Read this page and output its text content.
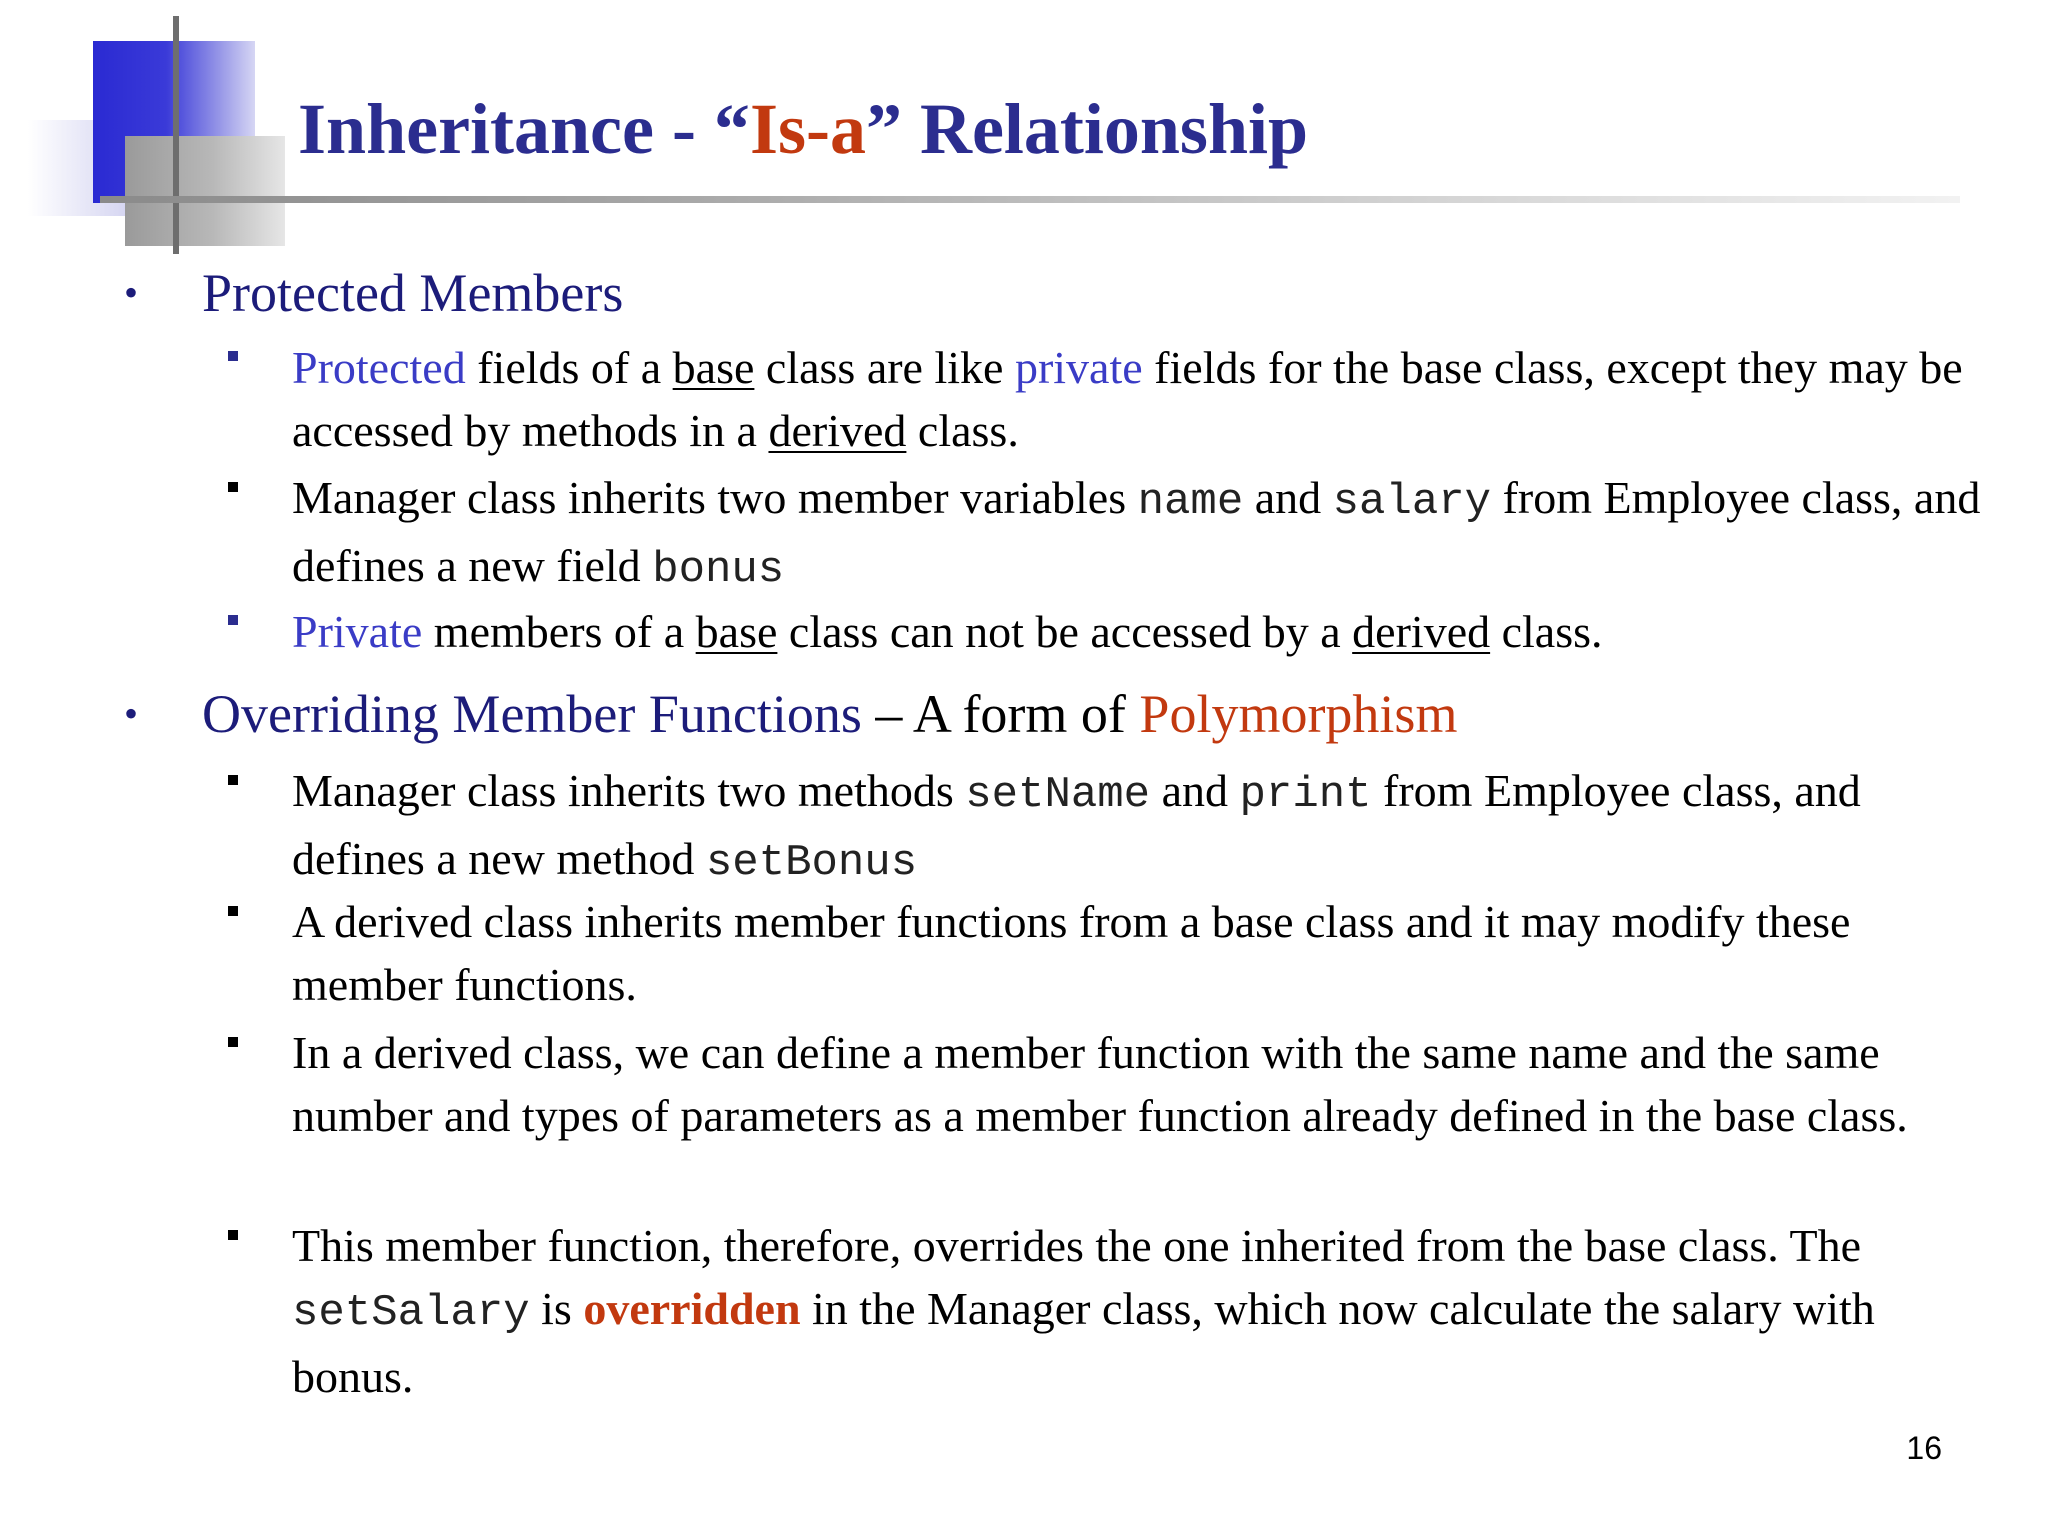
Inheritance - “Is-a” Relationship
• Protected Members

Protected fields of a base class are like private fields for the base class, except they may be accessed by methods in a derived class.

Manager class inherits two member variables name and salary from Employee class, and defines a new field bonus

Private members of a base class can not be accessed by a derived class.

• Overriding Member Functions – A form of Polymorphism

Manager class inherits two methods setName and print from Employee class, and defines a new method setBonus

A derived class inherits member functions from a base class and it may modify these member functions.

In a derived class, we can define a member function with the same name and the same number and types of parameters as a member function already defined in the base class.

This member function, therefore, overrides the one inherited from the base class. The setSalary is overridden in the Manager class, which now calculate the salary with bonus.

16
